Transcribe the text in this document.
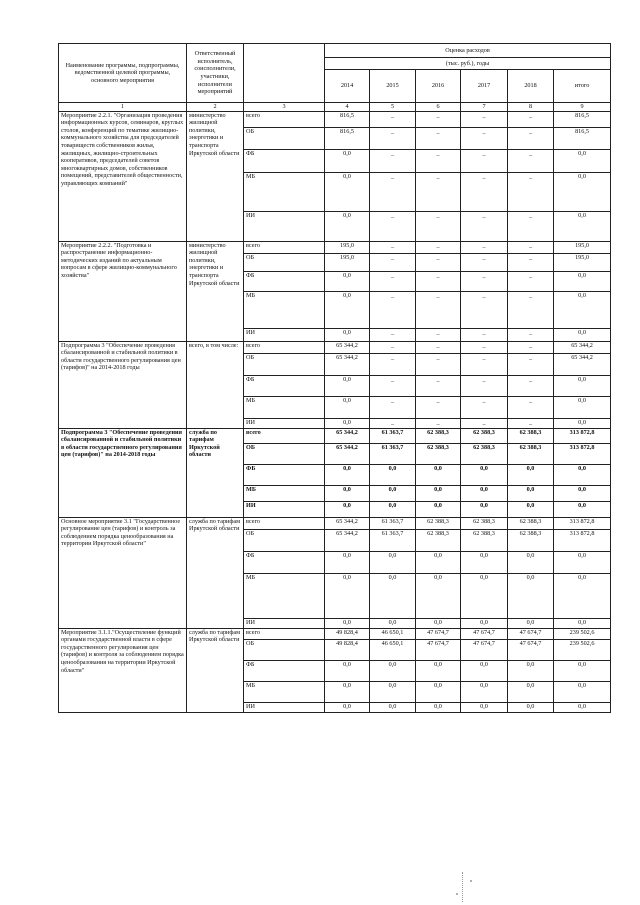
Наименование программы, подпрограммы, ведомственной целевой программы, основного мероприятия	Ответственный исполнитель, соисполнители, участники, исполнители мероприятий		Оценка расходов					
			(тыс. руб.), годы					
			2014	2015	2016	2017	2018	итого
1	2	3	4	5	6	7	8	9
Мероприятие 2.2.1. "Организация проведения информационных курсов, семинаров, круглых столов, конференций по тематике жилищно-коммунального хозяйства для председателей товариществ собственников жилья, жилищных, жилищно-строительных кооперативов, председателей советов многоквартирных домов, собственников помещений, представителей общественности, управляющих компаний"	министерство жилищной политики, энергетики и транспорта Иркутской области	всего	816,5	_	_	_	_	816,5
		ОБ	816,5	_	_	_	_	816,5
		ФБ	0,0	_	_	_	_	0,0
		МБ	0,0	_	_	_	_	0,0
		ИИ	0,0	_	_	_	_	0,0
Мероприятие 2.2.2. "Подготовка и распространение информационно-методических изданий по актуальным вопросам в сфере жилищно-коммунального хозяйства"	министерство жилищной политики, энергетики и транспорта Иркутской области	всего	195,0	_	_	_	_	195,0
		ОБ	195,0	_	_	_	_	195,0
		ФБ	0,0	_	_	_	_	0,0
		МБ	0,0	_	_	_	_	0,0
		ИИ	0,0	_	_	_	_	0,0
Подпрограмма 3 "Обеспечение проведения сбалансированной и стабильной политики в области государственного регулирования цен (тарифов)" на 2014-2018 годы	всего, в том числе:	всего	65 344,2	_	_	_	_	65 344,2
		ОБ	65 344,2	_	_	_	_	65 344,2
		ФБ	0,0	_	_	_	_	0,0
		МБ	0,0	_	_	_	_	0,0
		ИИ	0,0	_	_	_	_	0,0
Подпрограмма 3 "Обеспечение проведения сбалансированной и стабильной политики в области государственного регулирования цен (тарифов)" на 2014-2018 годы	служба по тарифам Иркутской области	всего	65 344,2	61 363,7	62 388,3	62 388,3	62 388,3	313 872,8
		ОБ	65 344,2	61 363,7	62 388,3	62 388,3	62 388,3	313 872,8
		ФБ	0,0	0,0	0,0	0,0	0,0	0,0
		МБ	0,0	0,0	0,0	0,0	0,0	0,0
		ИИ	0,0	0,0	0,0	0,0	0,0	0,0
Основное мероприятие 3.1 "Государственное регулирование цен (тарифов) и контроль за соблюдением порядка ценообразования на территории Иркутской области"	служба по тарифам Иркутской области	всего	65 344,2	61 363,7	62 388,3	62 388,3	62 388,3	313 872,8
		ОБ	65 344,2	61 363,7	62 388,3	62 388,3	62 388,3	313 872,8
		ФБ	0,0	0,0	0,0	0,0	0,0	0,0
		МБ	0,0	0,0	0,0	0,0	0,0	0,0
		ИИ	0,0	0,0	0,0	0,0	0,0	0,0
Мероприятие 3.1.1."Осуществление функций органами государственной власти в сфере государственного регулирования цен (тарифов) и контроля за соблюдением порядка ценообразования на территории Иркутской области"	служба по тарифам Иркутской области	всего	49 828,4	46 650,1	47 674,7	47 674,7	47 674,7	239 502,6
		ОБ	49 828,4	46 650,1	47 674,7	47 674,7	47 674,7	239 502,6
		ФБ	0,0	0,0	0,0	0,0	0,0	0,0
		МБ	0,0	0,0	0,0	0,0	0,0	0,0
		ИИ	0,0	0,0	0,0	0,0	0,0	0,0
